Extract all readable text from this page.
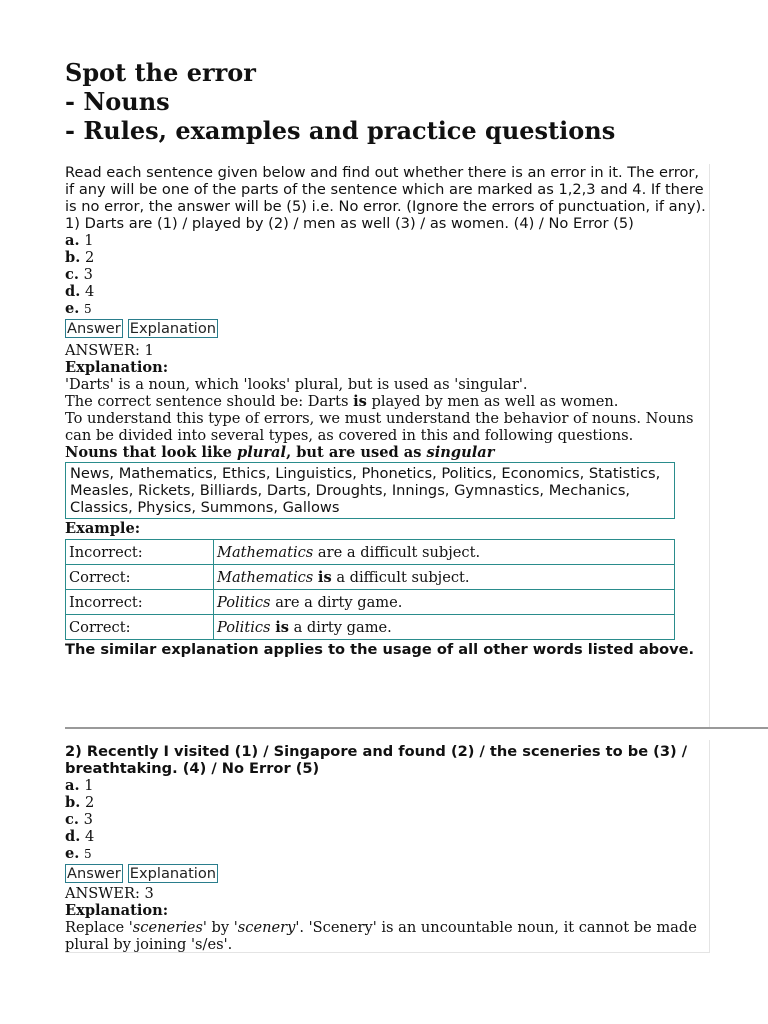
Spot the error
- Nouns
- Rules, examples and practice questions
Read each sentence given below and find out whether there is an error in it. The error, if any will be one of the parts of the sentence which are marked as 1,2,3 and 4. If there is no error, the answer will be (5) i.e. No error. (Ignore the errors of punctuation, if any).
1) Darts are (1) / played by (2) / men as well (3) / as women. (4) / No Error (5)
a. 1
b. 2
c. 3
d. 4
e. 5
Answer Explanation
ANSWER: 1
Explanation:
'Darts' is a noun, which 'looks' plural, but is used as 'singular'.
The correct sentence should be: Darts is played by men as well as women.
To understand this type of errors, we must understand the behavior of nouns. Nouns can be divided into several types, as covered in this and following questions.
Nouns that look like plural, but are used as singular
News, Mathematics, Ethics, Linguistics, Phonetics, Politics, Economics, Statistics, Measles, Rickets, Billiards, Darts, Droughts, Innings, Gymnastics, Mechanics, Classics, Physics, Summons, Gallows
Example:
Incorrect:	Mathematics are a difficult subject.
Correct:	Mathematics is a difficult subject.
Incorrect:	Politics are a dirty game.
Correct:	Politics is a dirty game.
The similar explanation applies to the usage of all other words listed above.
2) Recently I visited (1) / Singapore and found (2) / the sceneries to be (3) / breathtaking. (4) / No Error (5)
a. 1
b. 2
c. 3
d. 4
e. 5
Answer Explanation
ANSWER: 3
Explanation:
Replace 'sceneries' by 'scenery'. 'Scenery' is an uncountable noun, it cannot be made plural by joining 's/es'.
